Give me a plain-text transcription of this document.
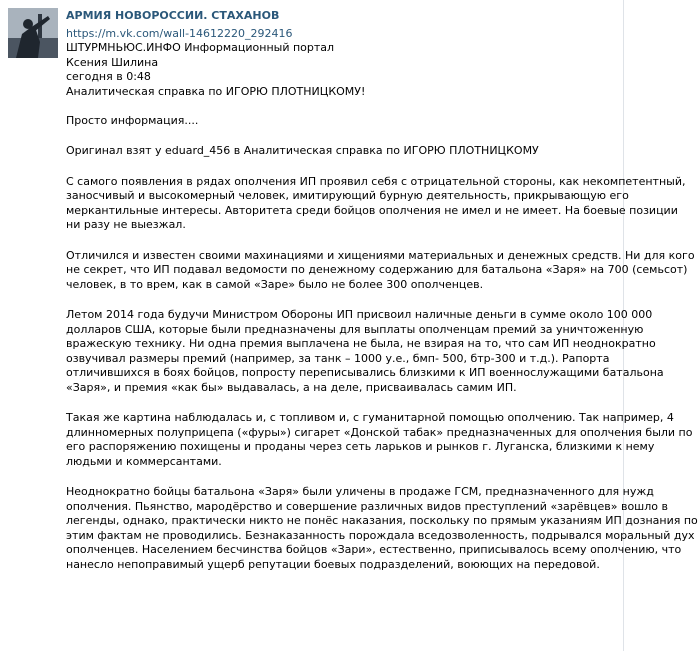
АРМИЯ НОВОРОССИИ. СТАХАНОВ
https://m.vk.com/wall-14612220_292416
ШТУРМНЬЮС.ИНФО Информационный портал
Ксения Шилина
сегодня в 0:48
Аналитическая справка по ИГОРЮ ПЛОТНИЦКОМУ!
Просто информация....
Оригинал взят у eduard_456 в Аналитическая справка по ИГОРЮ ПЛОТНИЦКОМУ
С самого появления в рядах ополчения ИП проявил себя с отрицательной стороны, как некомпетентный,
заносчивый и высокомерный человек, имитирующий бурную деятельность, прикрывающую его
меркантильные интересы. Авторитета среди бойцов ополчения не имел и не имеет. На боевые позиции
ни разу не выезжал.
Отличился и известен своими махинациями и хищениями материальных и денежных средств. Ни для кого
не секрет, что ИП подавал ведомости по денежному содержанию для батальона «Заря» на 700 (семьсот)
человек, в то врем, как в самой «Заре» было не более 300 ополченцев.
Летом 2014 года будучи Министром Обороны ИП присвоил наличные деньги в сумме около 100 000
долларов США, которые были предназначены для выплаты ополченцам премий за уничтоженную
вражескую технику. Ни одна премия выплачена не была, не взирая на то, что сам ИП неоднократно
озвучивал размеры премий (например, за танк – 1000 у.е., бмп- 500, бтр-300 и т.д.). Рапорта
отличившихся в боях бойцов, попросту переписывались близкими к ИП военнослужащими батальона
«Заря», и премия «как бы» выдавалась, а на деле, присваивалась самим ИП.
Такая же картина наблюдалась и, с топливом и, с гуманитарной помощью ополчению. Так например, 4
длинномерных полуприцепа («фуры») сигарет «Донской табак» предназначенных для ополчения были по
его распоряжению похищены и проданы через сеть ларьков и рынков г. Луганска, близкими к нему
людьми и коммерсантами.
Неоднократно бойцы батальона «Заря» были уличены в продаже ГСМ, предназначенного для нужд
ополчения. Пьянство, мародёрство и совершение различных видов преступлений «зарёвцев» вошло в
легенды, однако, практически никто не понёс наказания, поскольку по прямым указаниям ИП дознания по
этим фактам не проводились. Безнаказанность порождала вседозволенность, подрывался моральный дух
ополченцев. Населением бесчинства бойцов «Зари», естественно, приписывалось всему ополчению, что
нанесло непоправимый ущерб репутации боевых подразделений, воюющих на передовой.
